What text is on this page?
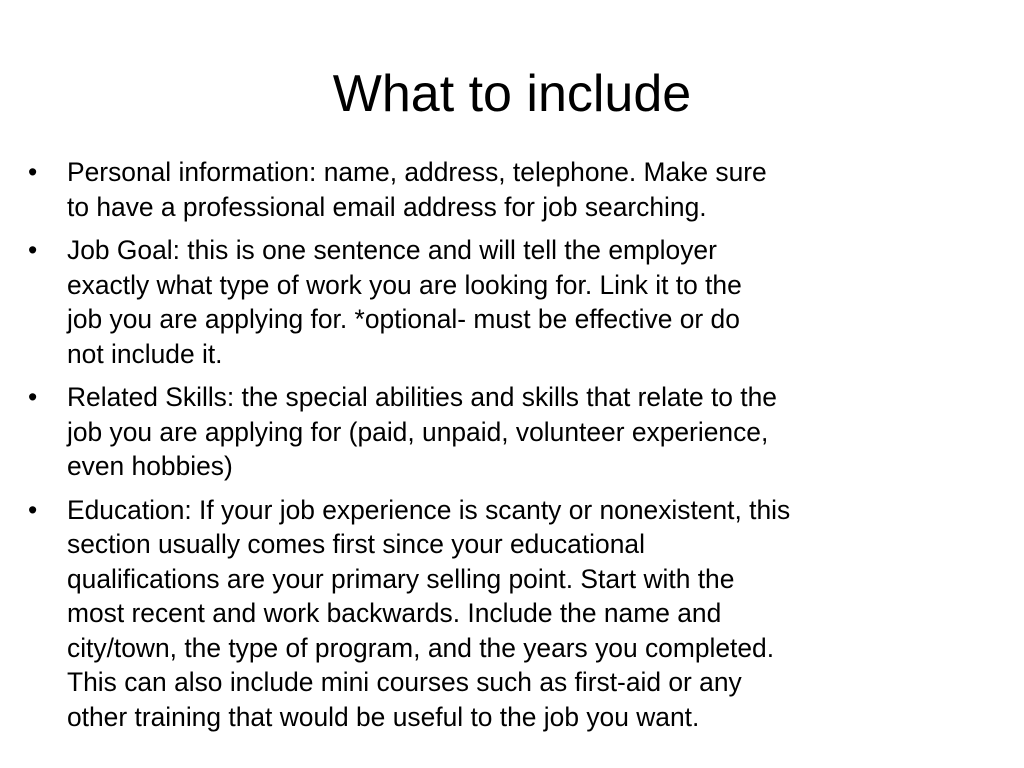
What to include
•	Personal information: name, address, telephone. Make sure
to have a professional email address for job searching.
•	Job Goal: this is one sentence and will tell the employer
exactly what type of work you are looking for. Link it to the
job you are applying for. *optional- must be effective or do
not include it.
•	Related Skills: the special abilities and skills that relate to the
job you are applying for (paid, unpaid, volunteer experience,
even hobbies)
•	Education: If your job experience is scanty or nonexistent, this
section usually comes first since your educational
qualifications are your primary selling point. Start with the
most recent and work backwards. Include the name and
city/town, the type of program, and the years you completed.
This can also include mini courses such as first-aid or any
other training that would be useful to the job you want.
